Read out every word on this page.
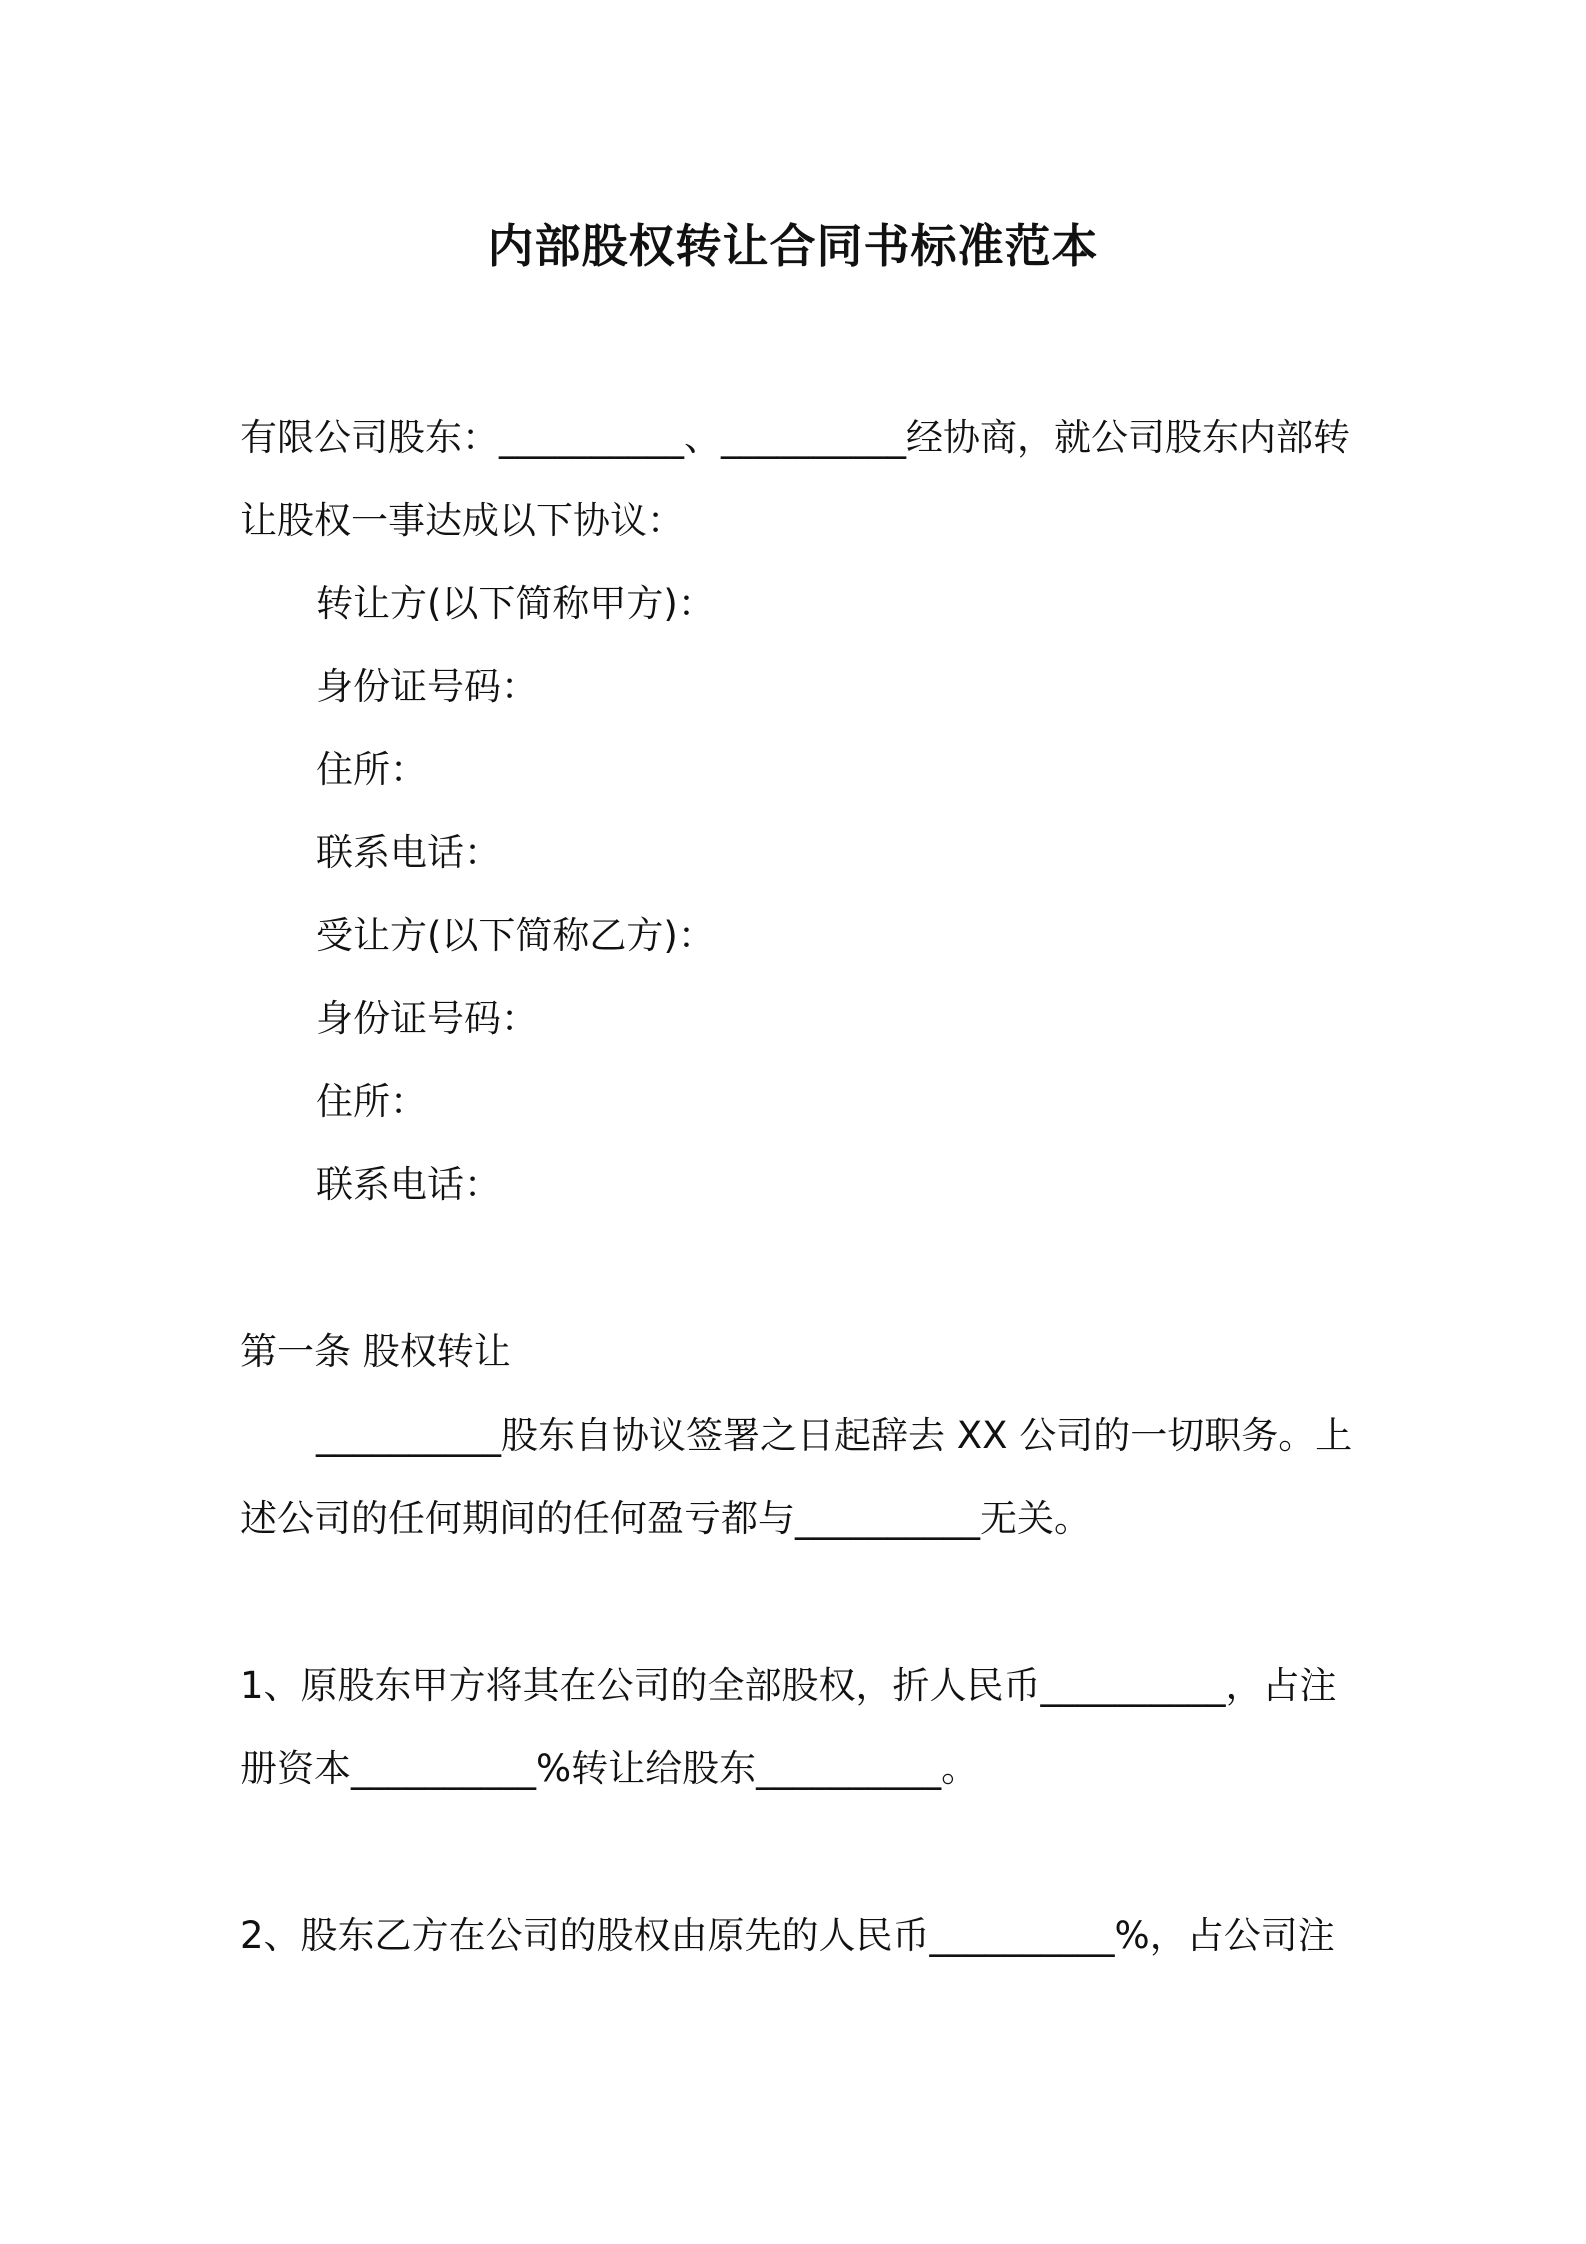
内部股权转让合同书标准范本
有限公司股东：__________、__________经协商，就公司股东内部转
让股权一事达成以下协议：
转让方(以下简称甲方)：
身份证号码：
住所：
联系电话：
受让方(以下简称乙方)：
身份证号码：
住所：
联系电话：
第一条 股权转让
__________股东自协议签署之日起辞去 XX 公司的一切职务。上
述公司的任何期间的任何盈亏都与__________无关。
1、原股东甲方将其在公司的全部股权，折人民币__________，占注
册资本__________%转让给股东__________。
2、股东乙方在公司的股权由原先的人民币__________%，占公司注
